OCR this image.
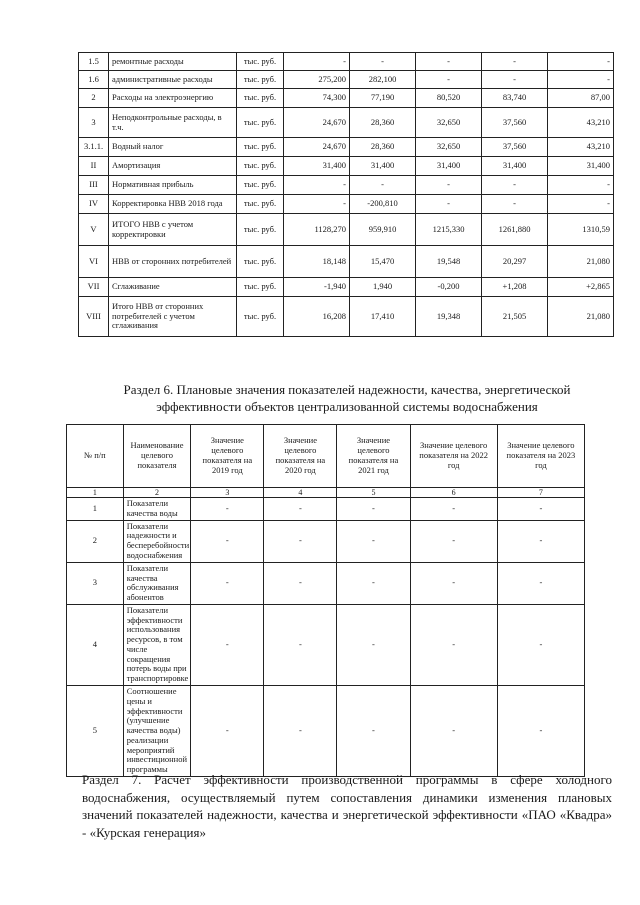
1.5	ремонтные расходы	тыс. руб.	-	-	-	-	-
1.6	административные расходы	тыс. руб.	275,200	282,100	-	-	-
2	Расходы на электроэнергию	тыс. руб.	74,300	77,190	80,520	83,740	87,00
3	Неподконтрольные расходы, в т.ч.	тыс. руб.	24,670	28,360	32,650	37,560	43,210
3.1.1.	Водный налог	тыс. руб.	24,670	28,360	32,650	37,560	43,210
II	Амортизация	тыс. руб.	31,400	31,400	31,400	31,400	31,400
III	Нормативная прибыль	тыс. руб.	-	-	-	-	-
IV	Корректировка НВВ 2018 года	тыс. руб.	-	-200,810	-	-	-
V	ИТОГО НВВ с учетом корректировки	тыс. руб.	1128,270	959,910	1215,330	1261,880	1310,59
VI	НВВ от сторонних потребителей	тыс. руб.	18,148	15,470	19,548	20,297	21,080
VII	Сглаживание	тыс. руб.	-1,940	1,940	-0,200	+1,208	+2,865
VIII	Итого НВВ от сторонних потребителей с учетом сглаживания	тыс. руб.	16,208	17,410	19,348	21,505	21,080

Раздел 6. Плановые значения показателей надежности, качества, энергетической эффективности объектов централизованной системы водоснабжения

№ п/п	Наименование целевого показателя	Значение целевого показателя на 2019 год	Значение целевого показателя на 2020 год	Значение целевого показателя на 2021 год	Значение целевого показателя на 2022 год	Значение целевого показателя на 2023 год
1	2	3	4	5	6	7
1	Показатели качества воды	-	-	-	-	-
2	Показатели надежности и бесперебойности водоснабжения	-	-	-	-	-
3	Показатели качества обслуживания абонентов	-	-	-	-	-
4	Показатели эффективности использования ресурсов, в том числе сокращения потерь воды при транспортировке	-	-	-	-	-
5	Соотношение цены и эффективности (улучшение качества воды) реализации мероприятий инвестиционной программы	-	-	-	-	-

Раздел 7. Расчет эффективности производственной программы в сфере холодного водоснабжения, осуществляемый путем сопоставления динамики изменения плановых значений показателей надежности, качества и энергетической эффективности «ПАО «Квадра» - «Курская генерация»
